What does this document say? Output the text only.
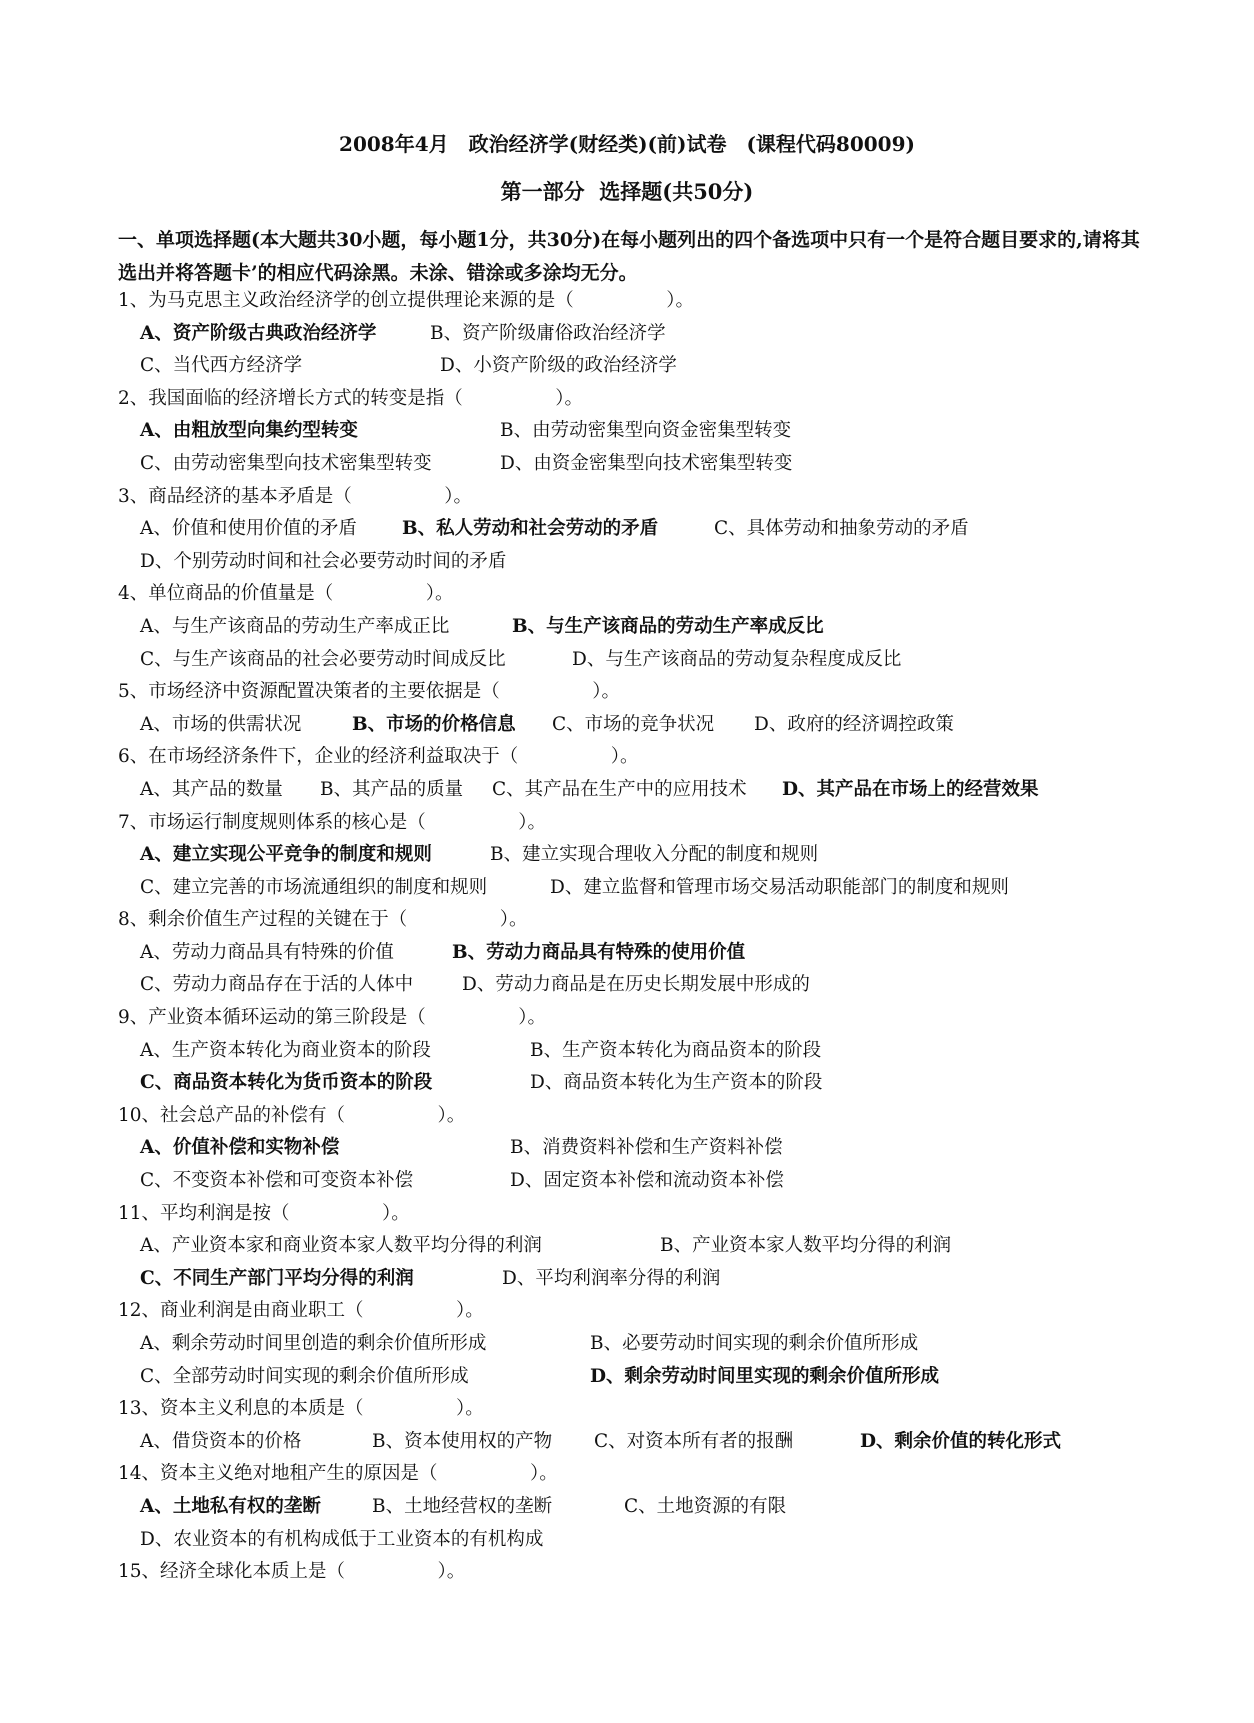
2008年4月　政治经济学(财经类)(前)试卷　(课程代码80009)
第一部分  选择题(共50分)
一、单项选择题(本大题共30小题，每小题1分，共30分)在每小题列出的四个备选项中只有一个是符合题目要求的,请将其选出并将答题卡’的相应代码涂黑。未涂、错涂或多涂均无分。
1、为马克思主义政治经济学的创立提供理论来源的是（　　　　　）。
A、资产阶级古典政治经济学	B、资产阶级庸俗政治经济学
C、当代西方经济学	D、小资产阶级的政治经济学
2、我国面临的经济增长方式的转变是指（　　　　　）。
A、由粗放型向集约型转变	B、由劳动密集型向资金密集型转变
C、由劳动密集型向技术密集型转变	D、由资金密集型向技术密集型转变
3、商品经济的基本矛盾是（　　　　　）。
A、价值和使用价值的矛盾 B、私人劳动和社会劳动的矛盾	C、具体劳动和抽象劳动的矛盾
D、个别劳动时间和社会必要劳动时间的矛盾
4、单位商品的价值量是（　　　　　）。
A、与生产该商品的劳动生产率成正比	B、与生产该商品的劳动生产率成反比
C、与生产该商品的社会必要劳动时间成反比	D、与生产该商品的劳动复杂程度成反比
5、市场经济中资源配置决策者的主要依据是（　　　　　）。
A、市场的供需状况	B、市场的价格信息 C、市场的竞争状况 D、政府的经济调控政策
6、在市场经济条件下，企业的经济利益取决于（　　　　　）。
A、其产品的数量 B、其产品的质量 C、其产品在生产中的应用技术 D、其产品在市场上的经营效果
7、市场运行制度规则体系的核心是（　　　　　）。
A、建立实现公平竞争的制度和规则	B、建立实现合理收入分配的制度和规则
C、建立完善的市场流通组织的制度和规则	D、建立监督和管理市场交易活动职能部门的制度和规则
8、剩余价值生产过程的关键在于（　　　　　）。
A、劳动力商品具有特殊的价值	B、劳动力商品具有特殊的使用价值
C、劳动力商品存在于活的人体中	D、劳动力商品是在历史长期发展中形成的
9、产业资本循环运动的第三阶段是（　　　　　）。
A、生产资本转化为商业资本的阶段	B、生产资本转化为商品资本的阶段
C、商品资本转化为货币资本的阶段	D、商品资本转化为生产资本的阶段
10、社会总产品的补偿有（　　　　　）。
A、价值补偿和实物补偿	B、消费资料补偿和生产资料补偿
C、不变资本补偿和可变资本补偿	D、固定资本补偿和流动资本补偿
11、平均利润是按（　　　　　）。
A、产业资本家和商业资本家人数平均分得的利润	B、产业资本家人数平均分得的利润
C、不同生产部门平均分得的利润	D、平均利润率分得的利润
12、商业利润是由商业职工（　　　　　）。
A、剩余劳动时间里创造的剩余价值所形成	B、必要劳动时间实现的剩余价值所形成
C、全部劳动时间实现的剩余价值所形成	D、剩余劳动时间里实现的剩余价值所形成
13、资本主义利息的本质是（　　　　　）。
A、借贷资本的价格	B、资本使用权的产物 C、对资本所有者的报酬	D、剩余价值的转化形式
14、资本主义绝对地租产生的原因是（　　　　　）。
A、土地私有权的垄断	B、土地经营权的垄断	C、土地资源的有限
D、农业资本的有机构成低于工业资本的有机构成
15、经济全球化本质上是（　　　　　）。
